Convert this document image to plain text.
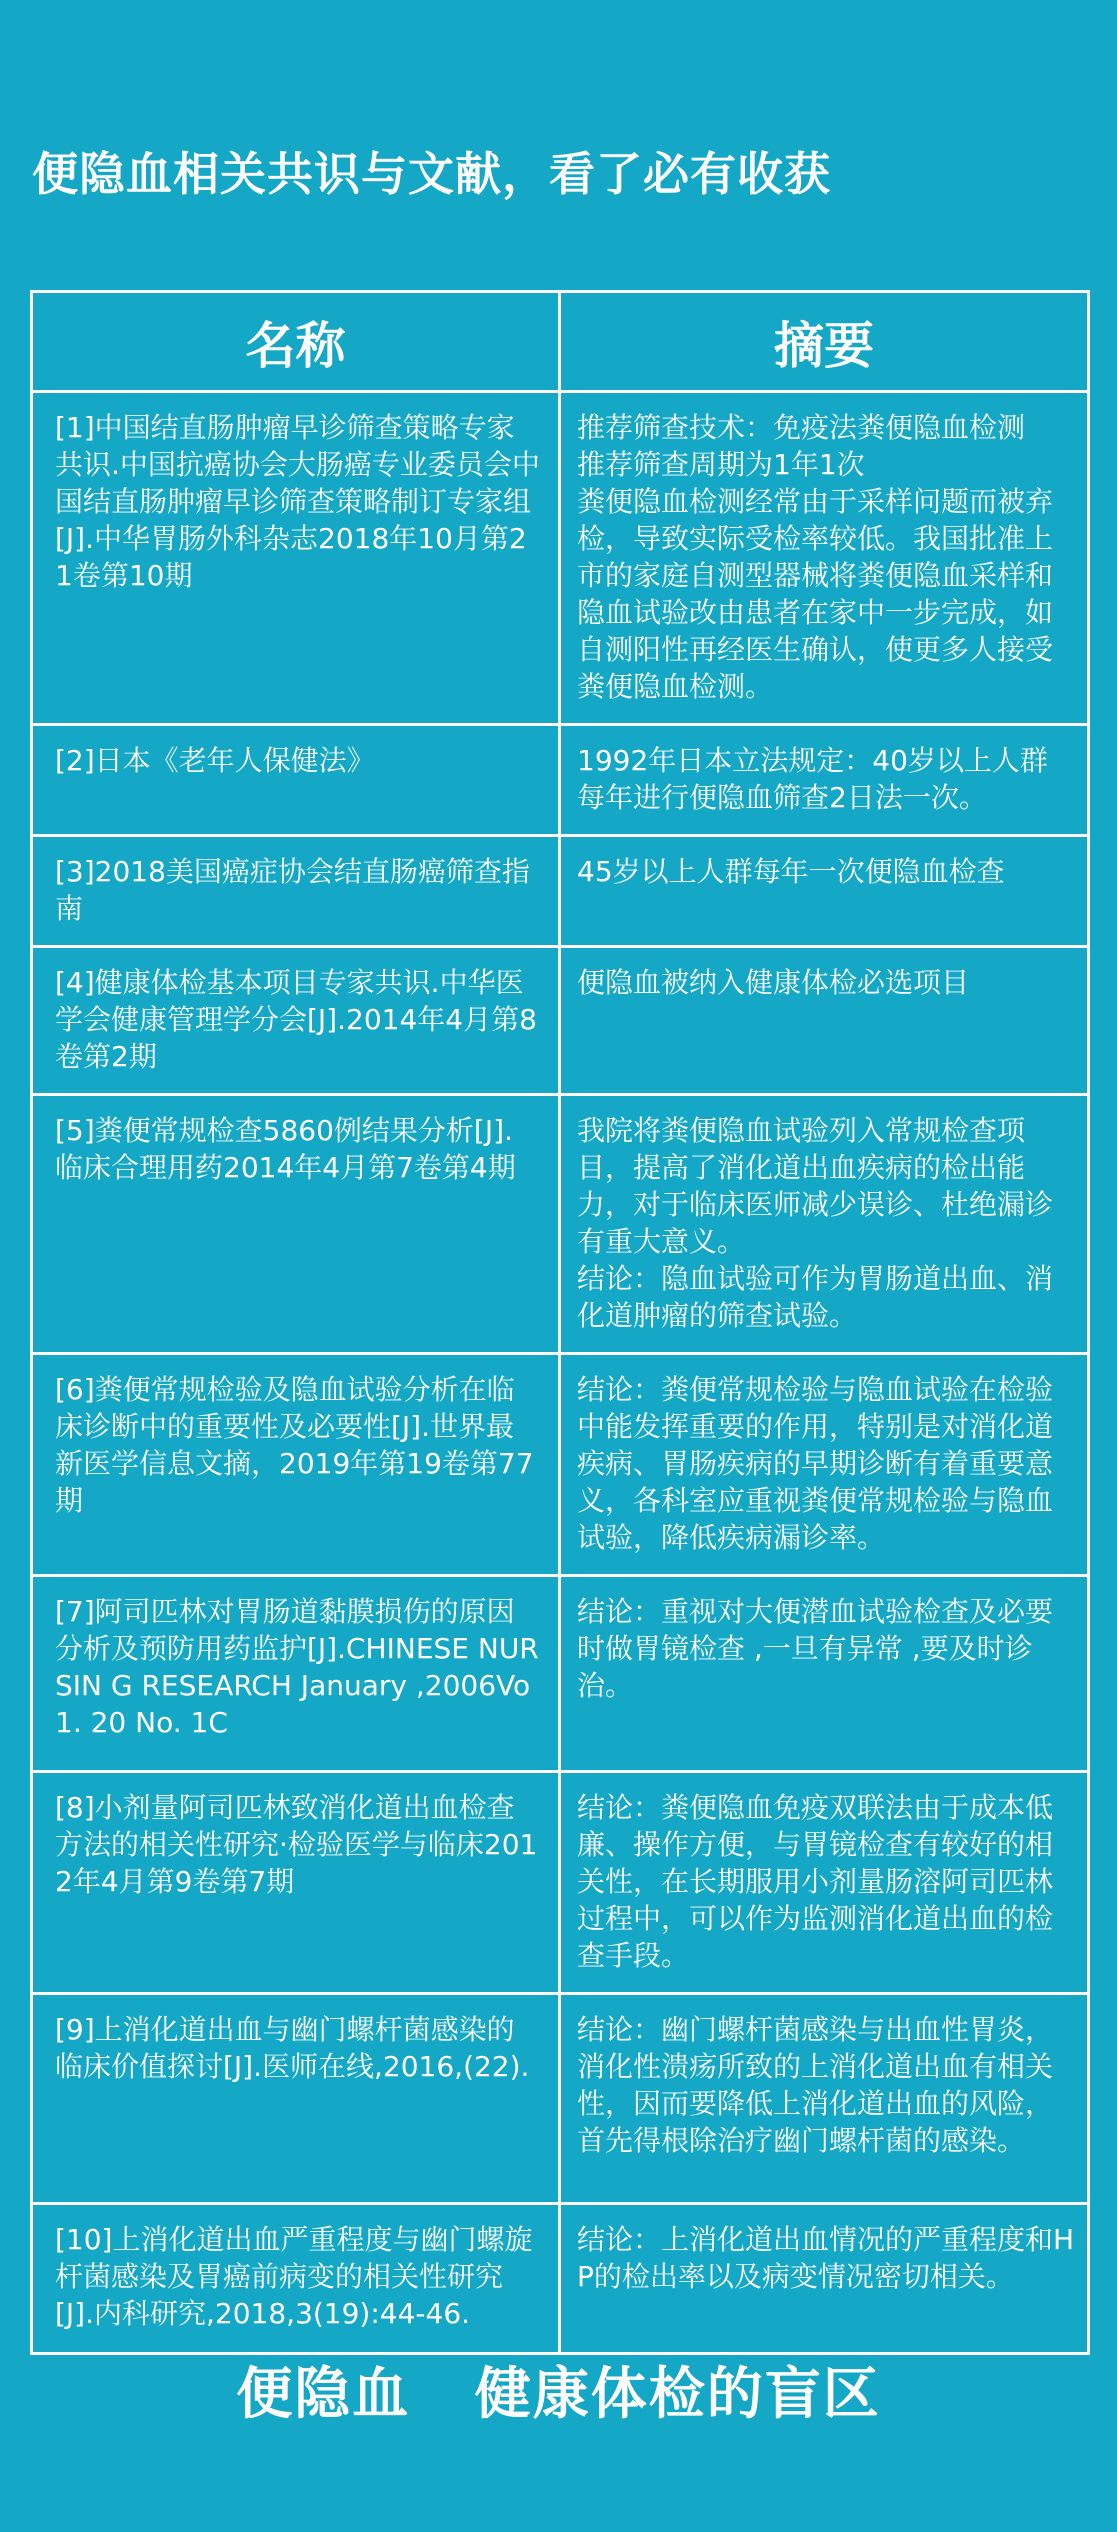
便隐血相关共识与文献，看了必有收获
名称	摘要
[1]中国结直肠肿瘤早诊筛查策略专家共识.中国抗癌协会大肠癌专业委员会中国结直肠肿瘤早诊筛查策略制订专家组[J].中华胃肠外科杂志2018年10月第21卷第10期	推荐筛查技术：免疫法粪便隐血检测
推荐筛查周期为1年1次
粪便隐血检测经常由于采样问题而被弃检，导致实际受检率较低。我国批准上市的家庭自测型器械将粪便隐血采样和隐血试验改由患者在家中一步完成，如自测阳性再经医生确认，使更多人接受粪便隐血检测。
[2]日本《老年人保健法》	1992年日本立法规定：40岁以上人群每年进行便隐血筛查2日法一次。
[3]2018美国癌症协会结直肠癌筛查指南	45岁以上人群每年一次便隐血检查
[4]健康体检基本项目专家共识.中华医学会健康管理学分会[J].2014年4月第8卷第2期	便隐血被纳入健康体检必选项目
[5]粪便常规检查5860例结果分析[J].临床合理用药2014年4月第7卷第4期	我院将粪便隐血试验列入常规检查项目，提高了消化道出血疾病的检出能力，对于临床医师减少误诊、杜绝漏诊有重大意义。
结论：隐血试验可作为胃肠道出血、消化道肿瘤的筛查试验。
[6]粪便常规检验及隐血试验分析在临床诊断中的重要性及必要性[J].世界最新医学信息文摘，2019年第19卷第77期	结论：粪便常规检验与隐血试验在检验中能发挥重要的作用，特别是对消化道疾病、胃肠疾病的早期诊断有着重要意义，各科室应重视粪便常规检验与隐血试验，降低疾病漏诊率。
[7]阿司匹林对胃肠道黏膜损伤的原因分析及预防用药监护[J].CHINESE NURSIN G RESEARCH January ,2006Vo1. 20 No. 1C	结论：重视对大便潜血试验检查及必要时做胃镜检查 ,一旦有异常 ,要及时诊治。
[8]小剂量阿司匹林致消化道出血检查方法的相关性研究·检验医学与临床2012年4月第9卷第7期	结论：粪便隐血免疫双联法由于成本低廉、操作方便，与胃镜检查有较好的相关性，在长期服用小剂量肠溶阿司匹林过程中，可以作为监测消化道出血的检查手段。
[9]上消化道出血与幽门螺杆菌感染的临床价值探讨[J].医师在线,2016,(22).	结论：幽门螺杆菌感染与出血性胃炎，消化性溃疡所致的上消化道出血有相关性，因而要降低上消化道出血的风险，首先得根除治疗幽门螺杆菌的感染。
[10]上消化道出血严重程度与幽门螺旋杆菌感染及胃癌前病变的相关性研究[J].内科研究,2018,3(19):44-46.	结论：上消化道出血情况的严重程度和HP的检出率以及病变情况密切相关。
便隐血   健康体检的盲区
